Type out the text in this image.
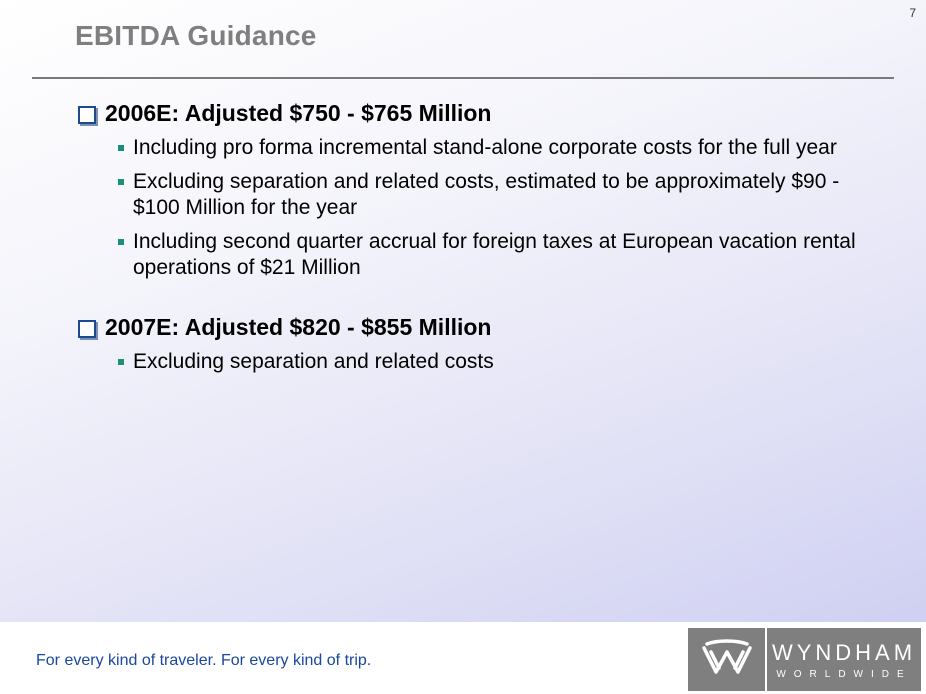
7
EBITDA Guidance
2006E: Adjusted $750 - $765 Million
Including pro forma incremental stand-alone corporate costs for the full year
Excluding separation and related costs, estimated to be approximately $90 - $100 Million for the year
Including second quarter accrual for foreign taxes at European vacation rental operations of $21 Million
2007E: Adjusted $820 - $855 Million
Excluding separation and related costs
For every kind of traveler. For every kind of trip.	WYNDHAM
WORLDWIDE
